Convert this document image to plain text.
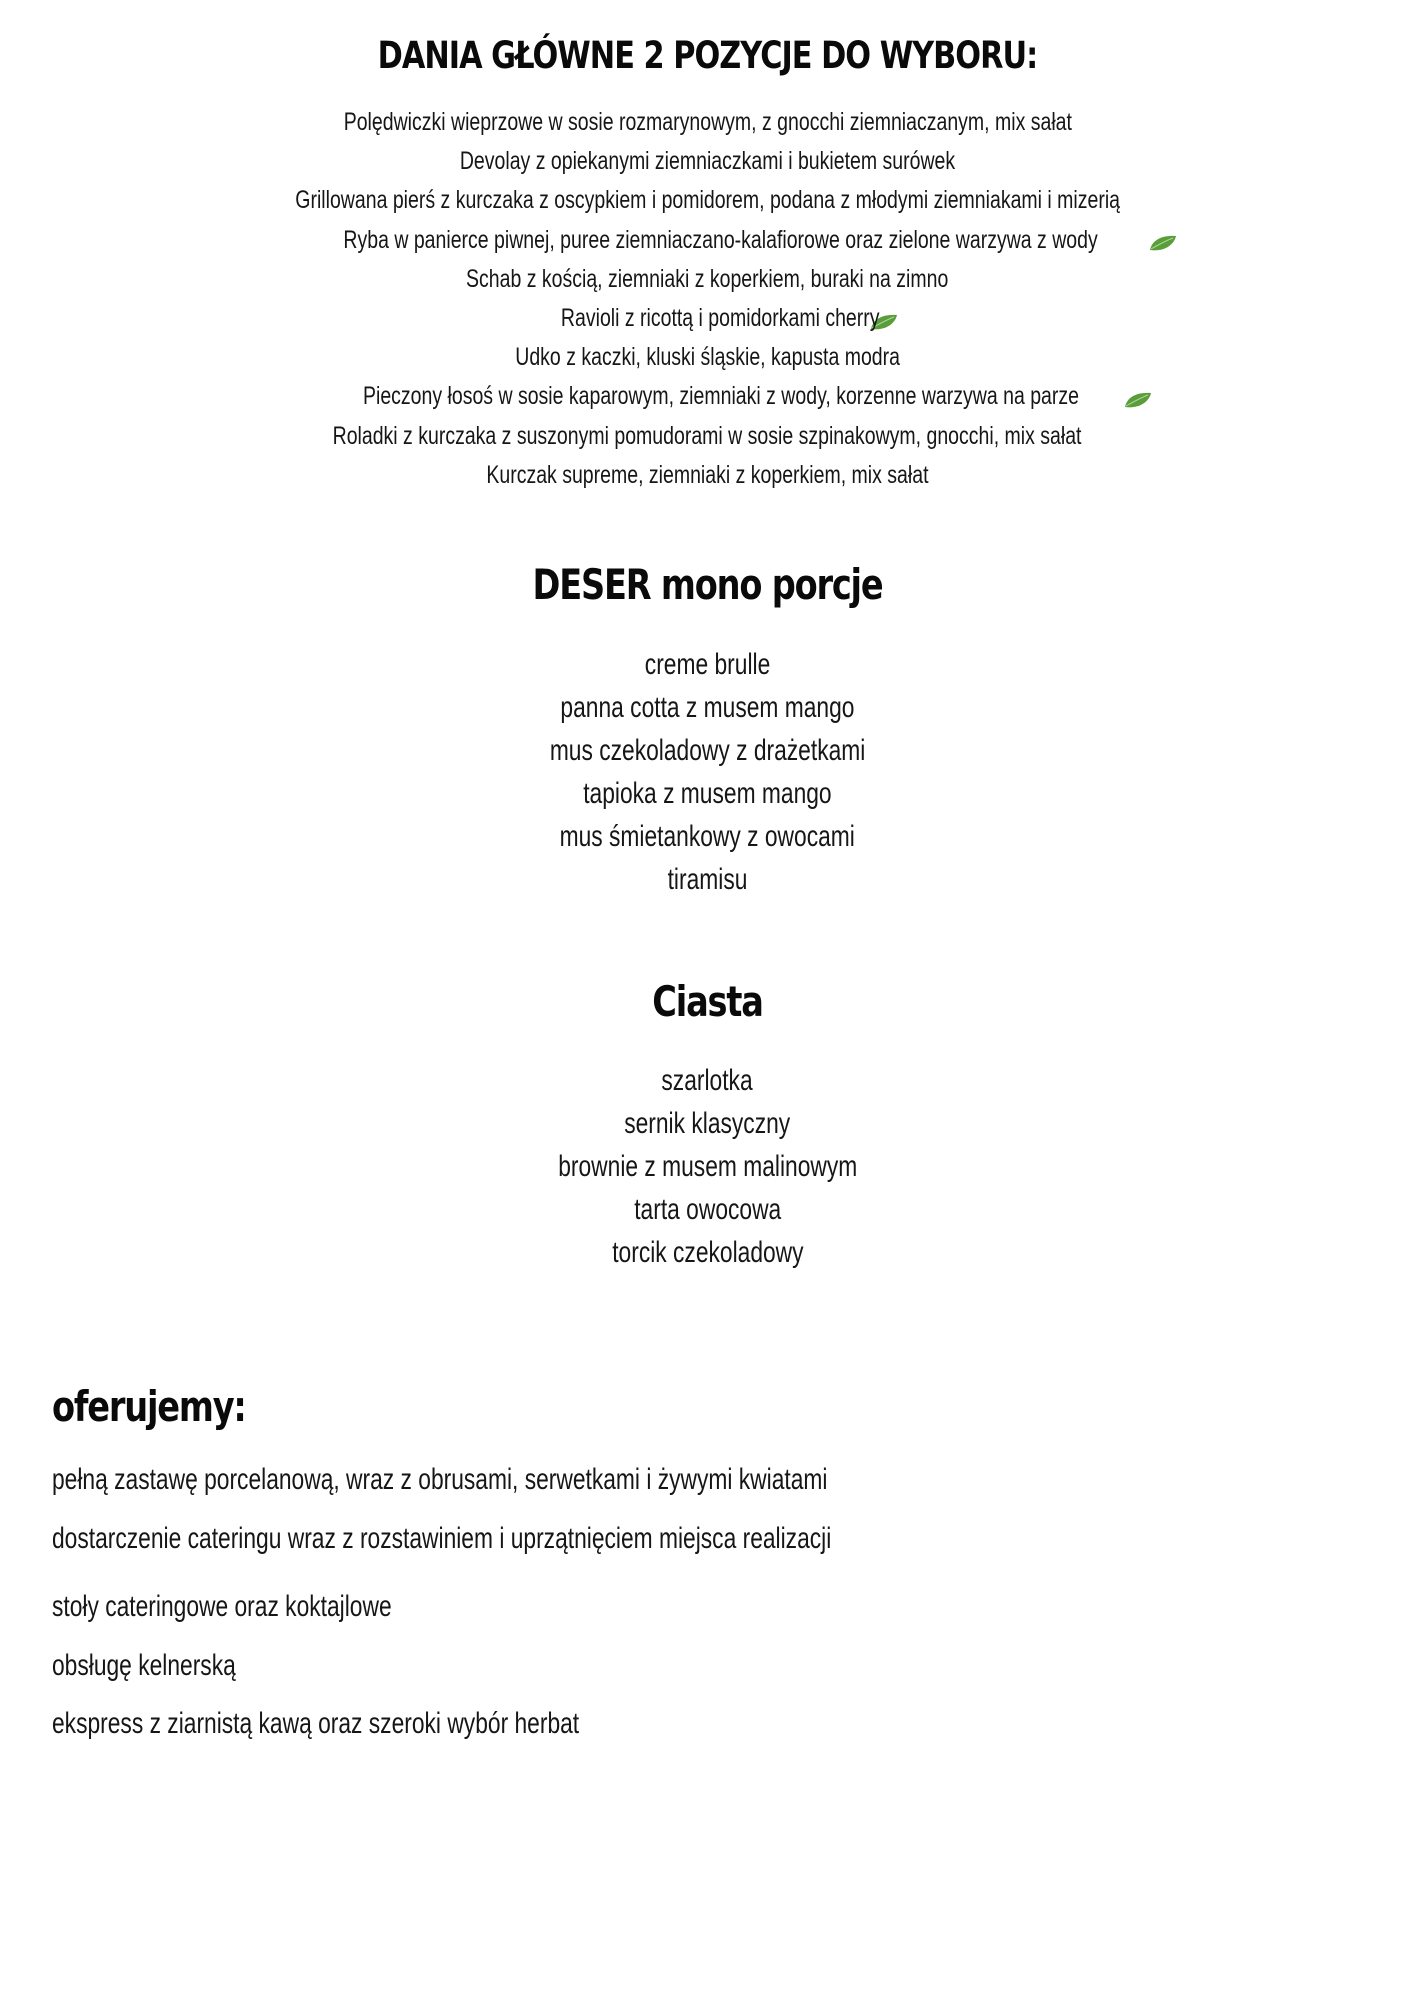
DANIA GŁÓWNE 2 POZYCJE DO WYBORU:
Polędwiczki wieprzowe w sosie rozmarynowym, z gnocchi ziemniaczanym, mix sałat
Devolay z opiekanymi ziemniaczkami i bukietem surówek
Grillowana pierś z kurczaka z oscypkiem i pomidorem, podana z młodymi ziemniakami i mizerią
Ryba w panierce piwnej, puree ziemniaczano-kalafiorowe oraz zielone warzywa z wody
Schab z kością, ziemniaki z koperkiem, buraki na zimno
Ravioli z ricottą i pomidorkami cherry
Udko z kaczki, kluski śląskie, kapusta modra
Pieczony łosoś w sosie kaparowym, ziemniaki z wody, korzenne warzywa na parze
Roladki z kurczaka z suszonymi pomudorami w sosie szpinakowym, gnocchi, mix sałat
Kurczak supreme, ziemniaki z koperkiem, mix sałat
DESER mono porcje
creme brulle
panna cotta z musem mango
mus czekoladowy z drażetkami
tapioka z musem mango
mus śmietankowy z owocami
tiramisu
Ciasta
szarlotka
sernik klasyczny
brownie z musem malinowym
tarta owocowa
torcik czekoladowy
oferujemy:

pełną zastawę porcelanową, wraz z obrusami, serwetkami i żywymi kwiatami

dostarczenie cateringu wraz z rozstawiniem i uprzątnięciem miejsca realizacji

stoły cateringowe oraz koktajlowe

obsługę kelnerską

ekspress z ziarnistą kawą oraz szeroki wybór herbat
